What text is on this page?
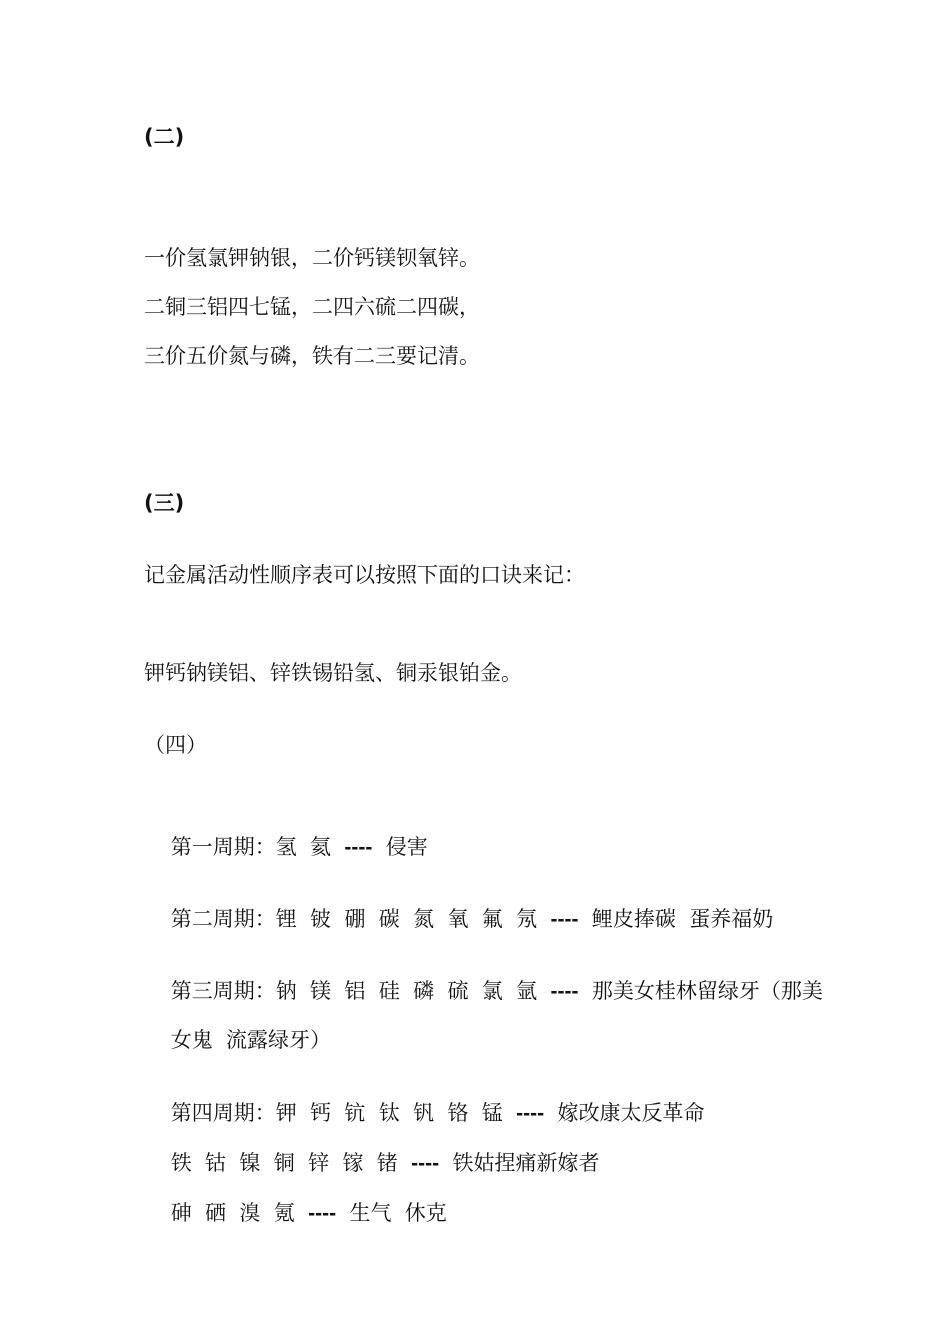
(二)
一价氢氯钾钠银，二价钙镁钡氧锌。
二铜三铝四七锰，二四六硫二四碳，
三价五价氮与磷，铁有二三要记清。
(三)
记金属活动性顺序表可以按照下面的口诀来记：
钾钙钠镁铝、锌铁锡铅氢、铜汞银铂金。
（四）

第一周期：氢  氦  ----  侵害

第二周期：锂  铍  硼  碳  氮  氧  氟  氖  ----  鲤皮捧碳  蛋养福奶

第三周期：钠  镁  铝  硅  磷  硫  氯  氩  ----  那美女桂林留绿牙（那美

女鬼  流露绿牙）

第四周期：钾  钙  钪  钛  钒  铬  锰  ----  嫁改康太反革命

铁  钴  镍  铜  锌  镓  锗  ----  铁姑捏痛新嫁者

砷  硒  溴  氪  ----  生气  休克
